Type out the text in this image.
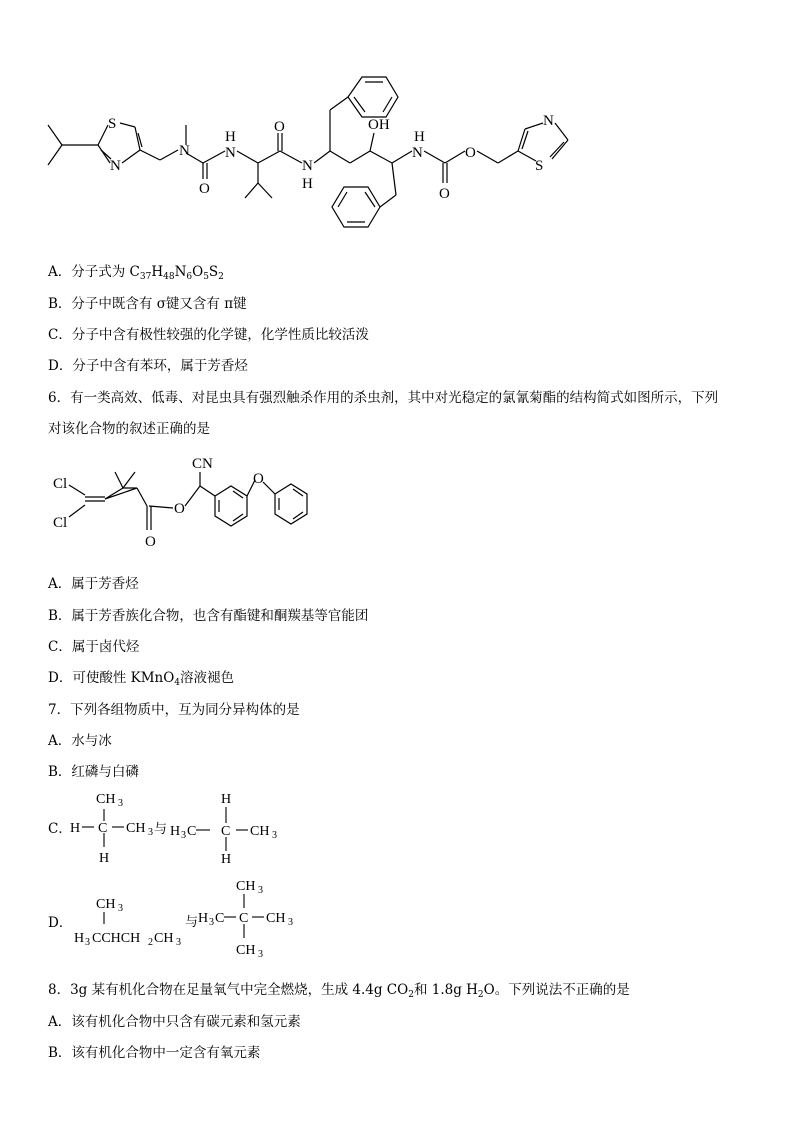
S
N
N
H
O
N
O
N
H
OH
H
N
O
O
N
S
A．分子式为 $C_{37}H_{48}N_6O_5S_2$
B．分子中既含有 σ键又含有 π键
C．分子中含有极性较强的化学键，化学性质比较活泼
D．分子中含有苯环，属于芳香烃
6．有一类高效、低毒、对昆虫具有强烈触杀作用的杀虫剂，其中对光稳定的氯氰菊酯的结构简式如图所示，下列
对该化合物的叙述正确的是
Cl
Cl
CN
O
O
O
A．属于芳香烃
B．属于芳香族化合物，也含有酯键和酮羰基等官能团
C．属于卤代烃
D．可使酸性 KMnO$_4$溶液褪色
7．下列各组物质中，互为同分异构体的是
A．水与冰
B．红磷与白磷
C．
CH 3
H C CH 3
H
与 H 3 C
H
C
H
CH 3
D．
CH 3
H 3 CCHCH 2 CH 3
与 H 3 C
CH 3
C CH 3
CH 3
8．3g 某有机化合物在足量氧气中完全燃烧，生成 4.4g $CO_2$和 1.8g $H_2O$。下列说法不正确的是
A．该有机化合物中只含有碳元素和氢元素
B．该有机化合物中一定含有氧元素
